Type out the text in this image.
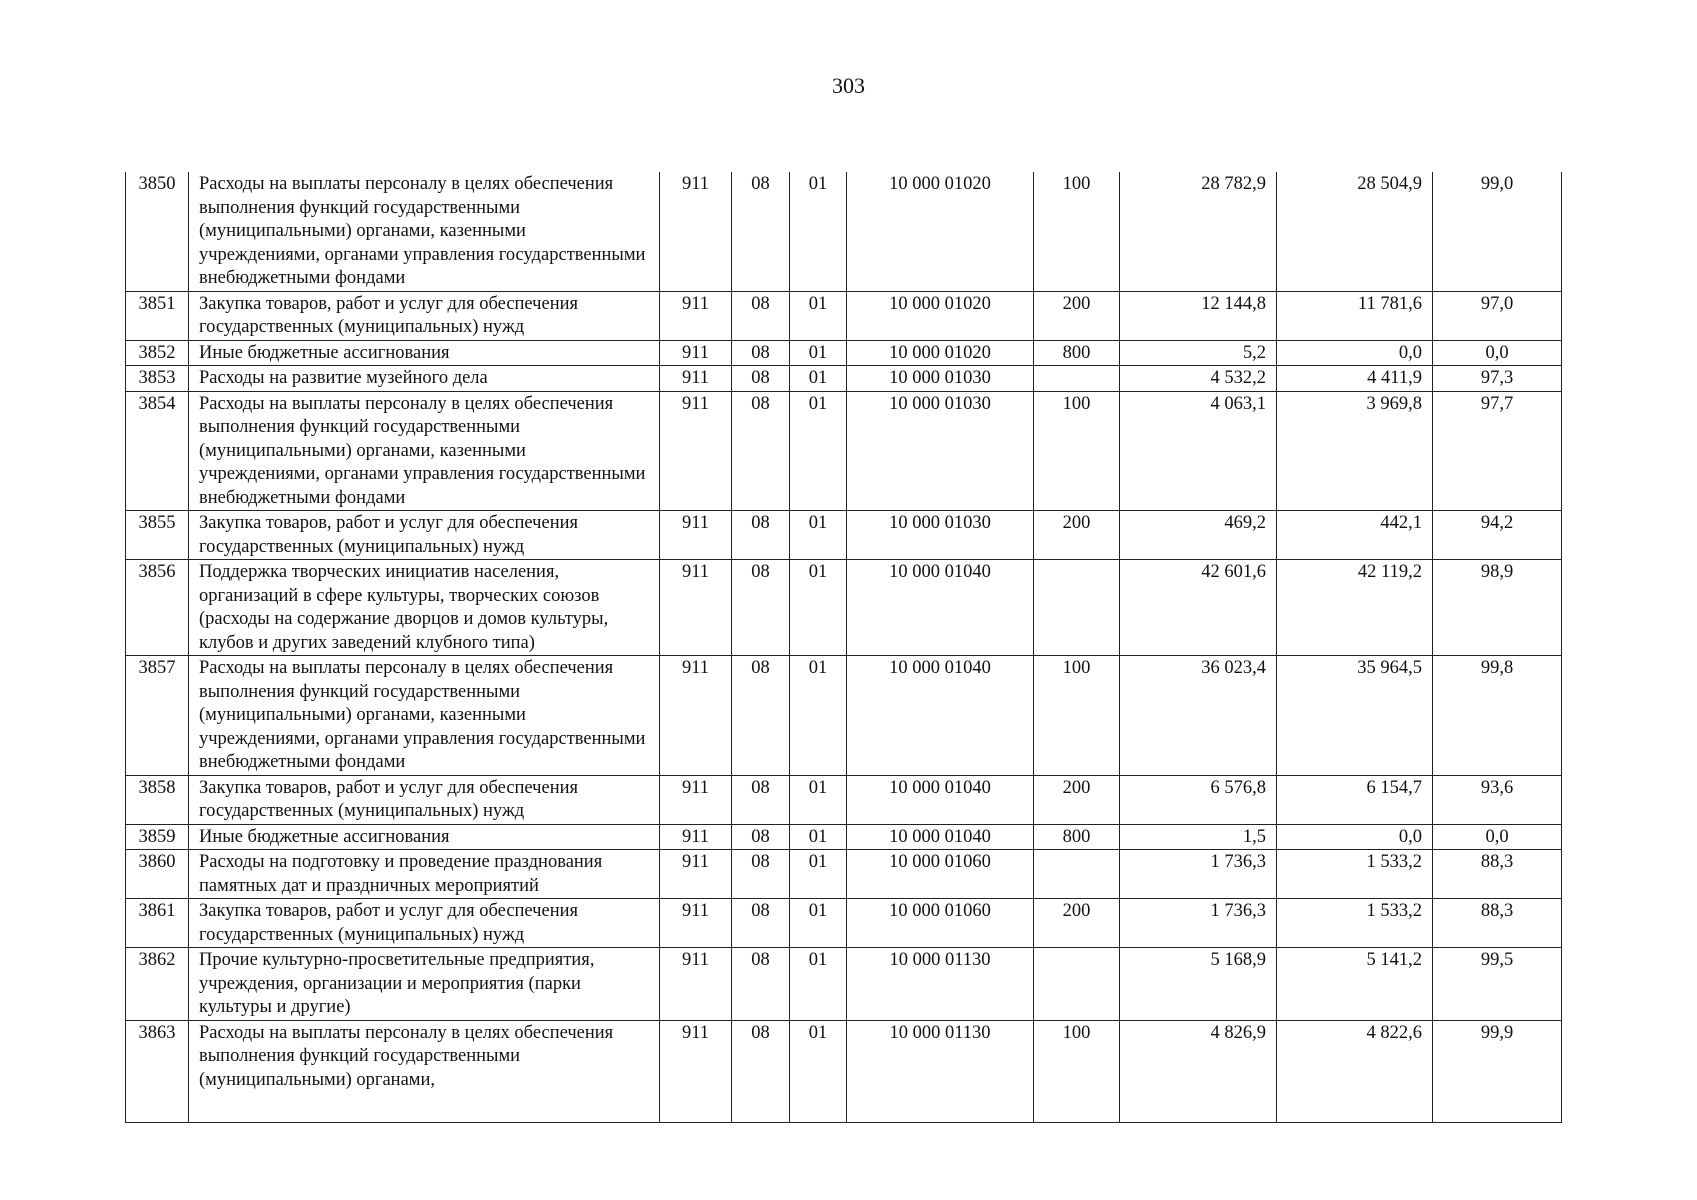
303
3850	Расходы на выплаты персоналу в целях обеспечения выполнения функций государственными (муниципальными) органами, казенными учреждениями, органами управления государственными внебюджетными фондами	911	08	01	10 000 01020	100	28 782,9	28 504,9	99,0
3851	Закупка товаров, работ и услуг для обеспечения государственных (муниципальных) нужд	911	08	01	10 000 01020	200	12 144,8	11 781,6	97,0
3852	Иные бюджетные ассигнования	911	08	01	10 000 01020	800	5,2	0,0	0,0
3853	Расходы на развитие музейного дела	911	08	01	10 000 01030		4 532,2	4 411,9	97,3
3854	Расходы на выплаты персоналу в целях обеспечения выполнения функций государственными (муниципальными) органами, казенными учреждениями, органами управления государственными внебюджетными фондами	911	08	01	10 000 01030	100	4 063,1	3 969,8	97,7
3855	Закупка товаров, работ и услуг для обеспечения государственных (муниципальных) нужд	911	08	01	10 000 01030	200	469,2	442,1	94,2
3856	Поддержка творческих инициатив населения, организаций в сфере культуры, творческих союзов (расходы на содержание дворцов и домов культуры, клубов и других заведений клубного типа)	911	08	01	10 000 01040		42 601,6	42 119,2	98,9
3857	Расходы на выплаты персоналу в целях обеспечения выполнения функций государственными (муниципальными) органами, казенными учреждениями, органами управления государственными внебюджетными фондами	911	08	01	10 000 01040	100	36 023,4	35 964,5	99,8
3858	Закупка товаров, работ и услуг для обеспечения государственных (муниципальных) нужд	911	08	01	10 000 01040	200	6 576,8	6 154,7	93,6
3859	Иные бюджетные ассигнования	911	08	01	10 000 01040	800	1,5	0,0	0,0
3860	Расходы на подготовку и проведение празднования памятных дат и праздничных мероприятий	911	08	01	10 000 01060		1 736,3	1 533,2	88,3
3861	Закупка товаров, работ и услуг для обеспечения государственных (муниципальных) нужд	911	08	01	10 000 01060	200	1 736,3	1 533,2	88,3
3862	Прочие культурно-просветительные предприятия, учреждения, организации и мероприятия (парки культуры и другие)	911	08	01	10 000 01130		5 168,9	5 141,2	99,5
3863	Расходы на выплаты персоналу в целях обеспечения выполнения функций государственными (муниципальными) органами,	911	08	01	10 000 01130	100	4 826,9	4 822,6	99,9
